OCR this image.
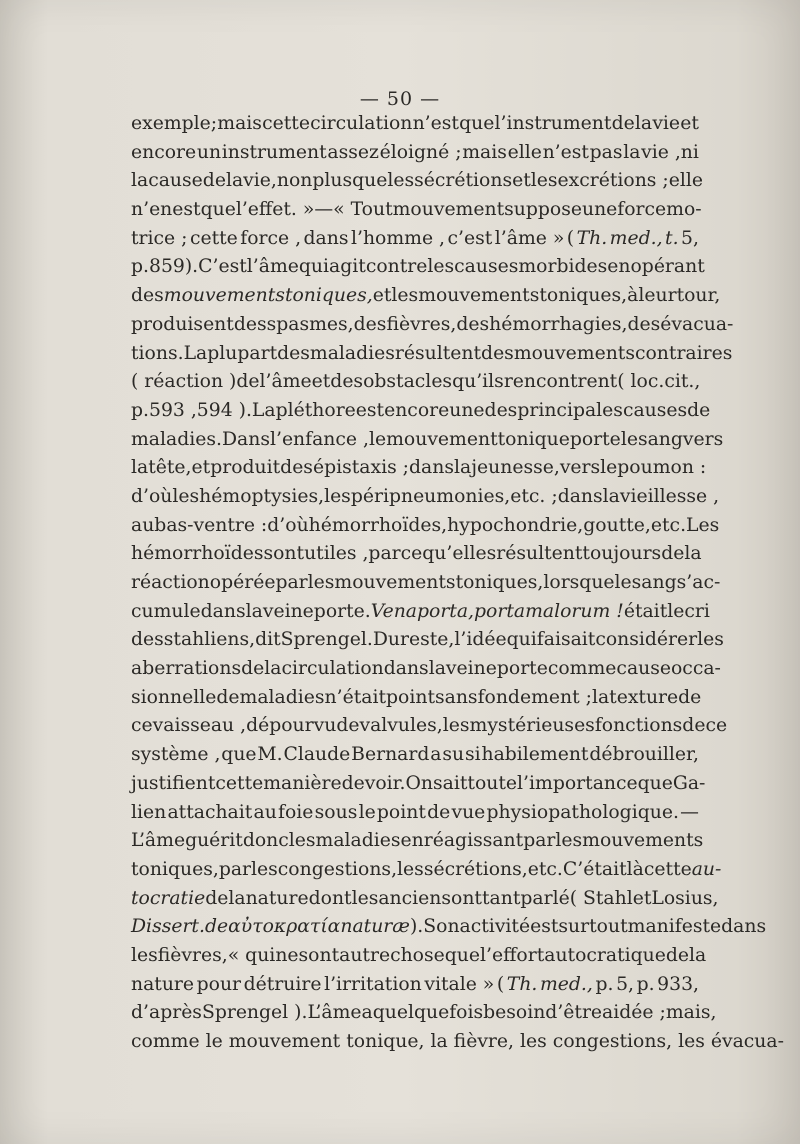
— 50 —
exemple; mais cette circulation n’est que l’instrument de la vie et
encore un instrument assez éloigné ; mais elle n’est pas la vie ,ni
la cause de la vie, non plus que les sécrétions et les excrétions ; elle
n’en est que l’effet. » — « Tout mouvement suppose une force mo-
trice ; cette force , dans l’homme , c’est l’âme » ( Th. med., t. 5,
p. 859). C’est l’âme qui agit contre les causes morbides en opérant
des mouvements toniques, et les mouvements toniques, à leur tour,
produisent des spasmes, des fièvres, des hémorrhagies, des évacua-
tions. La plupart des maladies résultent des mouvements contraires
( réaction ) de l’âme et des obstacles qu’ils rencontrent ( loc. cit.,
p. 593 , 594 ). La pléthore est encore une des principales causes de
maladies. Dans l’enfance , le mouvement tonique porte le sang vers
la tête, et produit des épistaxis ; dans la jeunesse, vers le poumon :
d’où les hémoptysies, les péripneumonies, etc. ; dans la vieillesse ,
au bas-ventre : d’où hémorrhoïdes, hypochondrie, goutte, etc. Les
hémorrhoïdes sont utiles , parce qu’elles résultent toujours de la
réaction opérée par les mouvements toniques, lorsque le sang s’ac-
cumule dans la veine porte. Vena porta, porta malorum ! était le cri
des stahliens, dit Sprengel. Du reste, l’idée qui faisait considérer les
aberrations de la circulation dans la veine porte comme cause occa-
sionnelle de maladies n’était point sans fondement ; la texture de
ce vaisseau , dépourvu de valvules, les mystérieuses fonctions de ce
système , que M. Claude Bernard a su si habilement débrouiller,
justifient cette manière de voir. On sait toute l’importance que Ga-
lien attachait au foie sous le point de vue physiopathologique. —
L’âme guérit donc les maladies en réagissant par les mouvements
toniques, par les congestions, les sécrétions, etc. C’était là cette au-
tocratie de la nature dont les anciens ont tant parlé ( Stahl et Losius,
Dissert. de αὐτοκρατία naturæ ). Son activité est surtout manifeste dans
les fièvres, « qui ne sont autre chose que l’effort autocratique de la
nature pour détruire l’irritation vitale » ( Th. med., p. 5, p. 933,
d’après Sprengel ). L’âme a quelquefois besoin d’être aidée ; mais,
comme le mouvement tonique, la fièvre, les congestions, les évacua-
